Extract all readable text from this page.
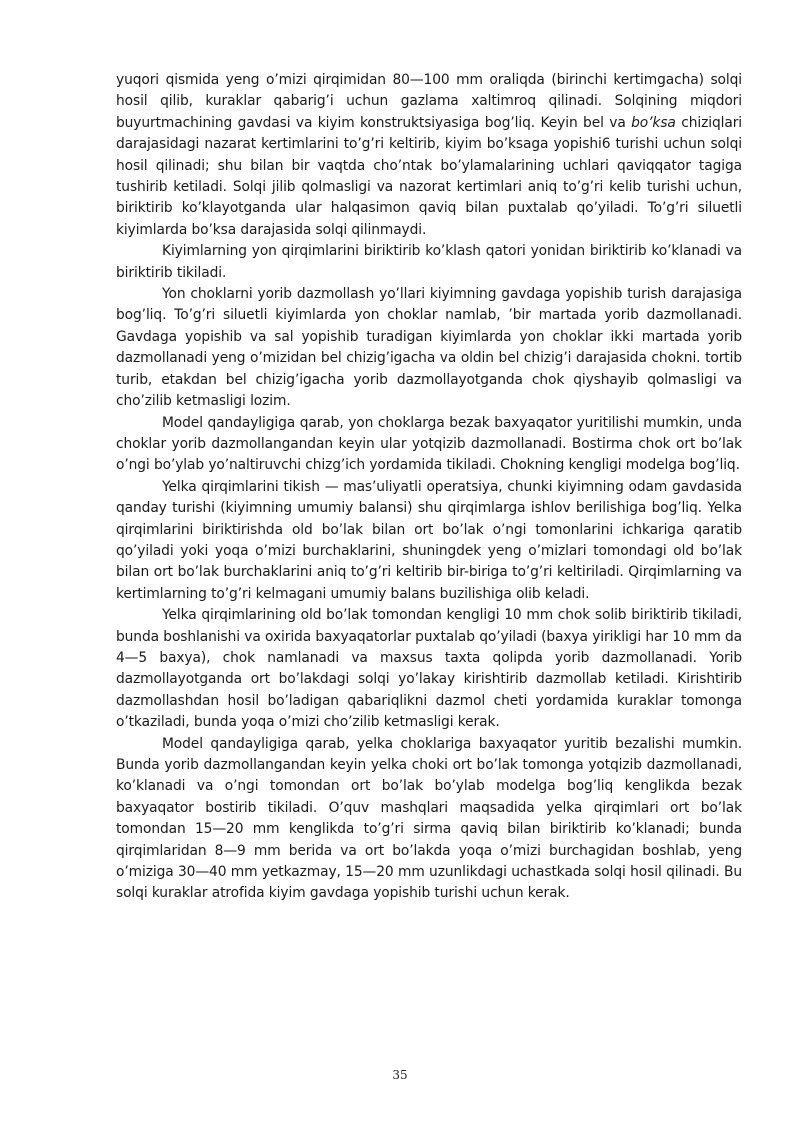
yuqori qismida yeng o’mizi qirqimidan 80—100 mm oraliqda (birinchi kertimgacha) solqi hosil qilib, kuraklar qabarig’i uchun gazlama xaltimroq qilinadi. Solqining miqdori buyurtmachining gavdasi va kiyim konstruktsiyasiga bog’liq. Keyin bel va bo’ksa chiziqlari darajasidagi nazarat kertimlarini to’g’ri keltirib, kiyim bo’ksaga yopishi6 turishi uchun solqi hosil qilinadi; shu bilan bir vaqtda cho’ntak bo’ylamalarining uchlari qaviqqator tagiga tushirib ketiladi. Solqi jilib qolmasligi va nazorat kertimlari aniq to’g’ri kelib turishi uchun, biriktirib ko’klayotganda ular halqasimon qaviq bilan puxtalab qo’yiladi. To’g’ri siluetli kiyimlarda bo’ksa darajasida solqi qilinmaydi.

Kiyimlarning yon qirqimlarini biriktirib ko’klash qatori yonidan biriktirib ko’klanadi va biriktirib tikiladi.

Yon choklarni yorib dazmollash yo’llari kiyimning gavdaga yopishib turish darajasiga bog’liq. To’g’ri siluetli kiyimlarda yon choklar namlab, ’bir martada yorib dazmollanadi. Gavdaga yopishib va sal yopishib turadigan kiyimlarda yon choklar ikki martada yorib dazmollanadi yeng o’mizidan bel chizig’igacha va oldin bel chizig’i darajasida chokni. tortib turib, etakdan bel chizig’igacha yorib dazmollayotganda chok qiyshayib qolmasligi va cho’zilib ketmasligi lozim.

Model qandayligiga qarab, yon choklarga bezak baxyaqator yuritilishi mumkin, unda choklar yorib dazmollangandan keyin ular yotqizib dazmollanadi. Bostirma chok ort bo’lak o’ngi bo’ylab yo’naltiruvchi chizg’ich yordamida tikiladi. Chokning kengligi modelga bog’liq.

Yelka qirqimlarini tikish — mas’uliyatli operatsiya, chunki kiyimning odam gavdasida qanday turishi (kiyimning umumiy balansi) shu qirqimlarga ishlov berilishiga bog’liq. Yelka qirqimlarini biriktirishda old bo’lak bilan ort bo’lak o’ngi tomonlarini ichkariga qaratib qo’yiladi yoki yoqa o’mizi burchaklarini, shuningdek yeng o’mizlari tomondagi old bo’lak bilan ort bo’lak burchaklarini aniq to’g’ri keltirib bir-biriga to’g’ri keltiriladi. Qirqimlarning va kertimlarning to’g’ri kelmagani umumiy balans buzilishiga olib keladi.

Yelka qirqimlarining old bo’lak tomondan kengligi 10 mm chok solib biriktirib tikiladi, bunda boshlanishi va oxirida baxyaqatorlar puxtalab qo’yiladi (baxya yirikligi har 10 mm da 4—5 baxya), chok namlanadi va maxsus taxta qolipda yorib dazmollanadi. Yorib dazmollayotganda ort bo’lakdagi solqi yo’lakay kirishtirib dazmollab ketiladi. Kirishtirib dazmollashdan hosil bo’ladigan qabariqlikni dazmol cheti yordamida kuraklar tomonga o’tkaziladi, bunda yoqa o’mizi cho’zilib ketmasligi kerak.

Model qandayligiga qarab, yelka choklariga baxyaqator yuritib bezalishi mumkin. Bunda yorib dazmollangandan keyin yelka choki ort bo’lak tomonga yotqizib dazmollanadi, ko’klanadi va o’ngi tomondan ort bo’lak bo’ylab modelga bog’liq kenglikda bezak baxyaqator bostirib tikiladi. O’quv mashqlari maqsadida yelka qirqimlari ort bo’lak tomondan 15—20 mm kenglikda to’g’ri sirma qaviq bilan biriktirib ko’klanadi; bunda qirqimlaridan 8—9 mm berida va ort bo’lakda yoqa o’mizi burchagidan boshlab, yeng o’miziga 30—40 mm yetkazmay, 15—20 mm uzunlikdagi uchastkada solqi hosil qilinadi. Bu solqi kuraklar atrofida kiyim gavdaga yopishib turishi uchun kerak.

35
